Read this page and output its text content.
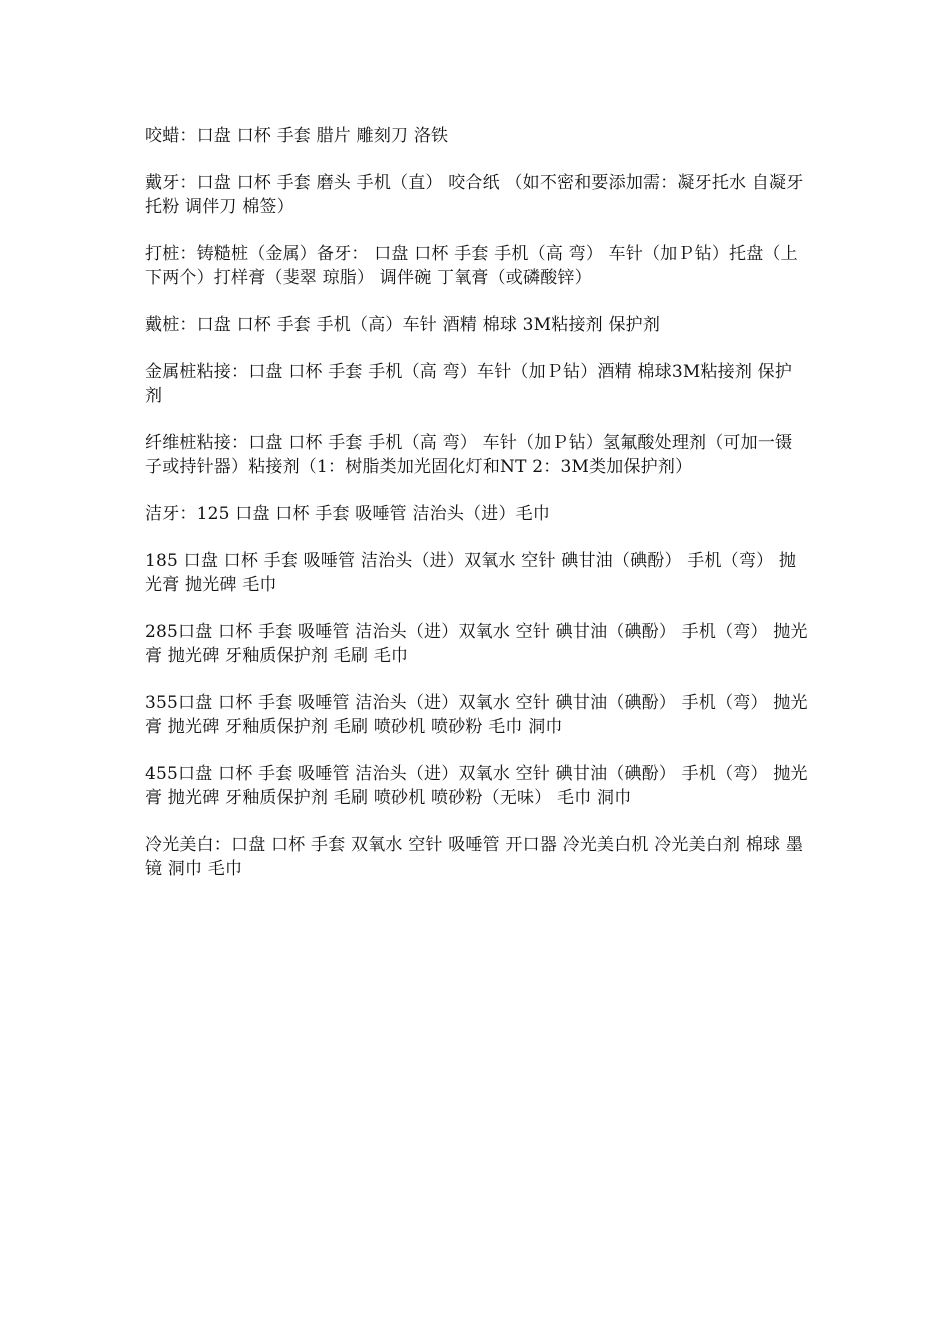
咬蜡：口盘 口杯 手套 腊片 雕刻刀 洛铁

戴牙：口盘 口杯 手套 磨头 手机（直） 咬合纸 （如不密和要添加需：凝牙托水 自凝牙托粉 调伴刀 棉签）

打桩：铸糙桩（金属）备牙： 口盘 口杯 手套 手机（高 弯） 车针（加Ｐ钻）托盘（上下两个）打样膏（斐翠 琼脂） 调伴碗 丁氧膏（或磷酸锌）

戴桩：口盘 口杯 手套 手机（高）车针 酒精 棉球 3M粘接剂 保护剂

金属桩粘接：口盘 口杯 手套 手机（高 弯）车针（加Ｐ钻）酒精 棉球3M粘接剂 保护剂

纤维桩粘接：口盘 口杯 手套 手机（高 弯） 车针（加Ｐ钻）氢氟酸处理剂（可加一镊子或持针器）粘接剂（1：树脂类加光固化灯和NT 2：3M类加保护剂）

洁牙：125 口盘 口杯 手套 吸唾管 洁治头（进）毛巾

185 口盘 口杯 手套 吸唾管 洁治头（进）双氧水 空针 碘甘油（碘酚） 手机（弯） 抛光膏 抛光碑 毛巾

285口盘 口杯 手套 吸唾管 洁治头（进）双氧水 空针 碘甘油（碘酚） 手机（弯） 抛光膏 抛光碑 牙釉质保护剂 毛刷 毛巾

355口盘 口杯 手套 吸唾管 洁治头（进）双氧水 空针 碘甘油（碘酚） 手机（弯） 抛光膏 抛光碑 牙釉质保护剂 毛刷 喷砂机 喷砂粉 毛巾 洞巾

455口盘 口杯 手套 吸唾管 洁治头（进）双氧水 空针 碘甘油（碘酚） 手机（弯） 抛光膏 抛光碑 牙釉质保护剂 毛刷 喷砂机 喷砂粉（无味） 毛巾 洞巾

冷光美白：口盘 口杯 手套 双氧水 空针 吸唾管 开口器 冷光美白机 冷光美白剂 棉球 墨镜 洞巾 毛巾
